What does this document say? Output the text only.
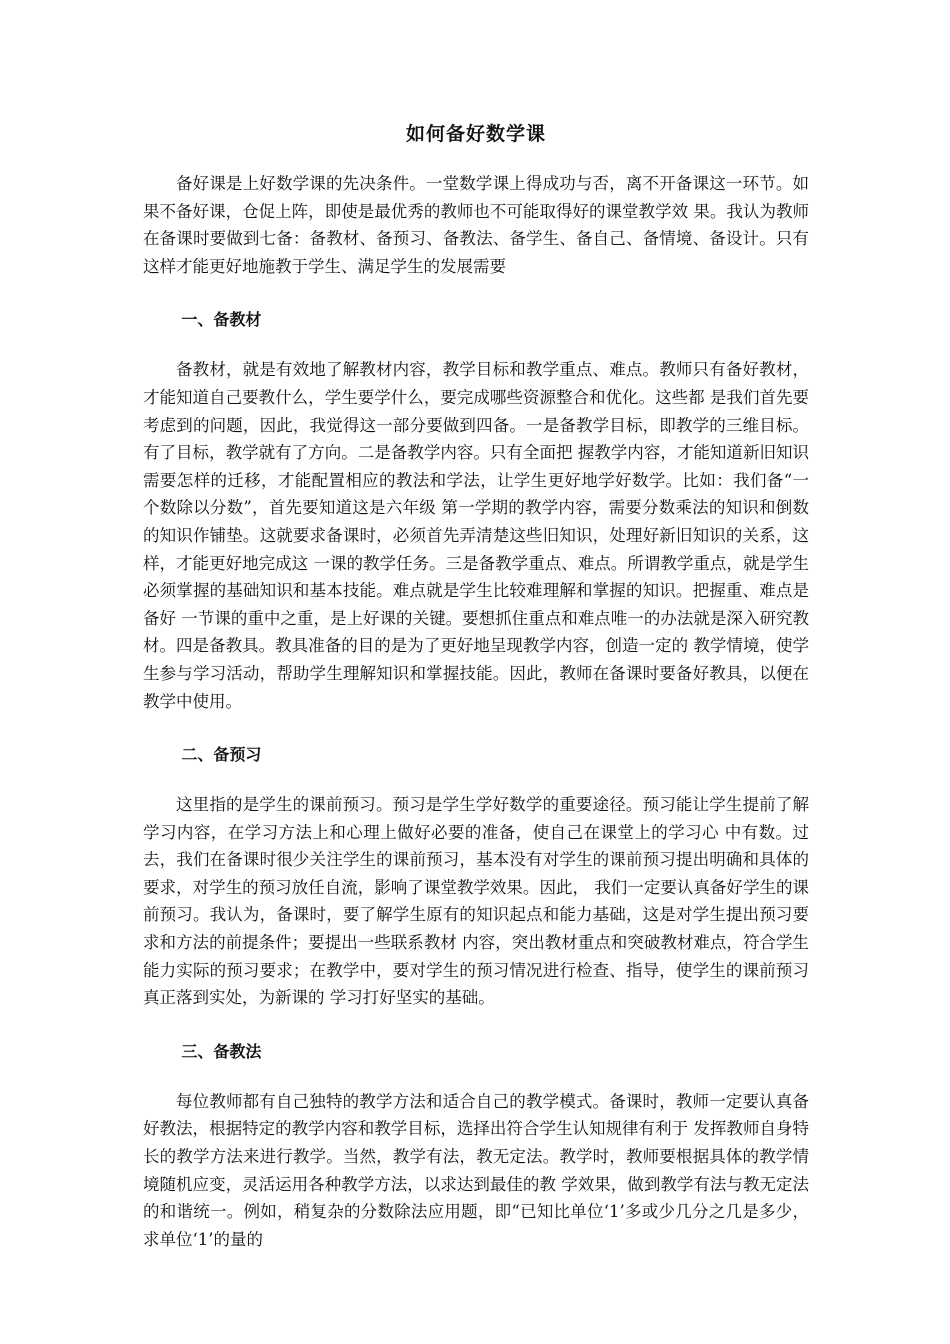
如何备好数学课

备好课是上好数学课的先决条件。一堂数学课上得成功与否，离不开备课这一环节。如果不备好课，仓促上阵，即使是最优秀的教师也不可能取得好的课堂教学效 果。我认为教师在备课时要做到七备：备教材、备预习、备教法、备学生、备自己、备情境、备设计。只有这样才能更好地施教于学生、满足学生的发展需要

一、备教材

备教材，就是有效地了解教材内容，教学目标和教学重点、难点。教师只有备好教材，才能知道自己要教什么，学生要学什么，要完成哪些资源整合和优化。这些都 是我们首先要考虑到的问题，因此，我觉得这一部分要做到四备。一是备教学目标，即教学的三维目标。有了目标，教学就有了方向。二是备教学内容。只有全面把 握教学内容，才能知道新旧知识需要怎样的迁移，才能配置相应的教法和学法，让学生更好地学好数学。比如：我们备“一个数除以分数”，首先要知道这是六年级 第一学期的教学内容，需要分数乘法的知识和倒数的知识作铺垫。这就要求备课时，必须首先弄清楚这些旧知识，处理好新旧知识的关系，这样，才能更好地完成这 一课的教学任务。三是备教学重点、难点。所谓教学重点，就是学生必须掌握的基础知识和基本技能。难点就是学生比较难理解和掌握的知识。把握重、难点是备好 一节课的重中之重，是上好课的关键。要想抓住重点和难点唯一的办法就是深入研究教材。四是备教具。教具准备的目的是为了更好地呈现教学内容，创造一定的 教学情境，使学生参与学习活动，帮助学生理解知识和掌握技能。因此，教师在备课时要备好教具，以便在教学中使用。

二、备预习

这里指的是学生的课前预习。预习是学生学好数学的重要途径。预习能让学生提前了解学习内容，在学习方法上和心理上做好必要的准备，使自己在课堂上的学习心 中有数。过去，我们在备课时很少关注学生的课前预习，基本没有对学生的课前预习提出明确和具体的要求，对学生的预习放任自流，影响了课堂教学效果。因此， 我们一定要认真备好学生的课前预习。我认为，备课时，要了解学生原有的知识起点和能力基础，这是对学生提出预习要求和方法的前提条件；要提出一些联系教材 内容，突出教材重点和突破教材难点，符合学生能力实际的预习要求；在教学中，要对学生的预习情况进行检查、指导，使学生的课前预习真正落到实处，为新课的 学习打好坚实的基础。

三、备教法

每位教师都有自己独特的教学方法和适合自己的教学模式。备课时，教师一定要认真备好教法，根据特定的教学内容和教学目标，选择出符合学生认知规律有利于 发挥教师自身特长的教学方法来进行教学。当然，教学有法，教无定法。教学时，教师要根据具体的教学情境随机应变，灵活运用各种教学方法，以求达到最佳的教 学效果，做到教学有法与教无定法的和谐统一。例如，稍复杂的分数除法应用题，即“已知比单位‘1’多或少几分之几是多少，求单位‘1’的量的
